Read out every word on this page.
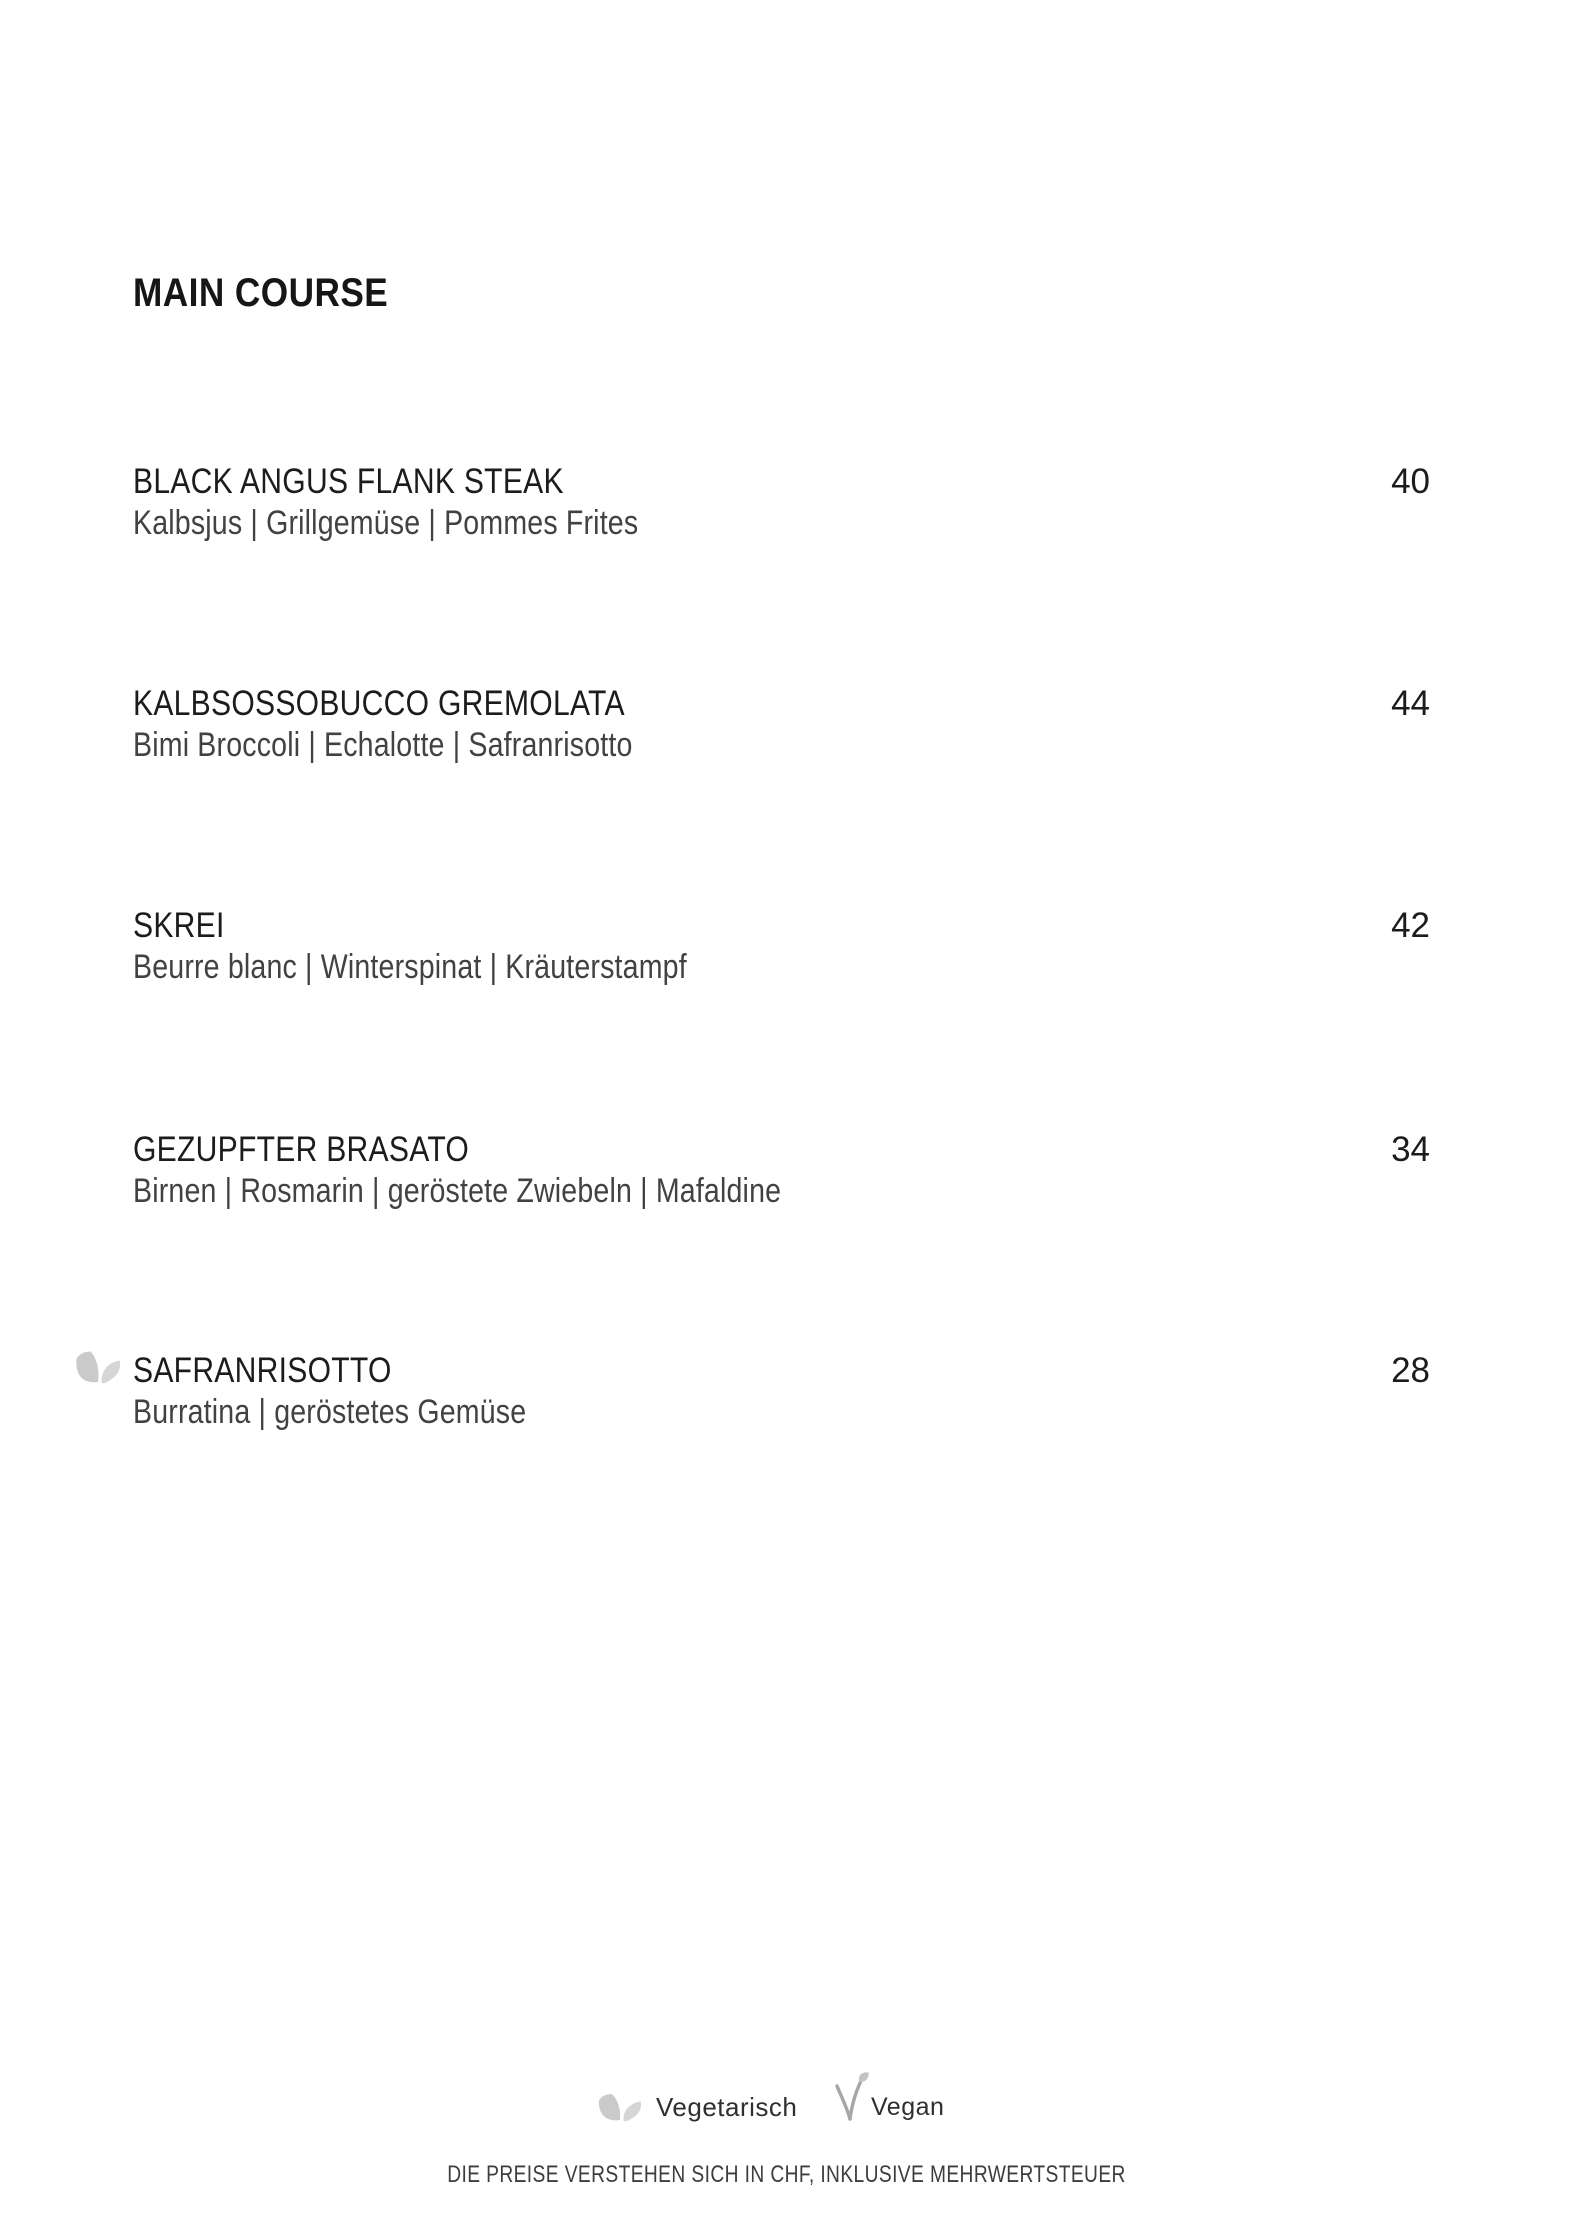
MAIN COURSE
BLACK ANGUS FLANK STEAK	40
Kalbsjus | Grillgemüse | Pommes Frites
KALBSOSSOBUCCO GREMOLATA	44
Bimi Broccoli | Echalotte | Safranrisotto
SKREI	42
Beurre blanc | Winterspinat | Kräuterstampf
GEZUPFTER BRASATO	34
Birnen | Rosmarin | geröstete Zwiebeln | Mafaldine
SAFRANRISOTTO	28
Burratina | geröstetes Gemüse
Vegetarisch	Vegan
DIE PREISE VERSTEHEN SICH IN CHF, INKLUSIVE MEHRWERTSTEUER
